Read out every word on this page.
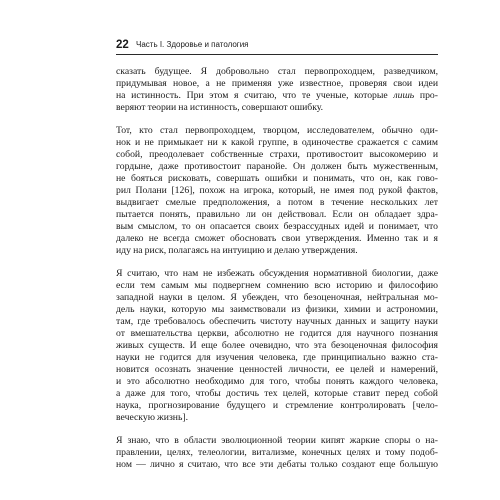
22 Часть I. Здоровье и патология

сказать будущее. Я добровольно стал первопроходцем, разведчиком,
придумывая новое, а не применяя уже известное, проверяя свои идеи
на истинность. При этом я считаю, что те ученые, которые лишь про-
веряют теории на истинность, совершают ошибку.

Тот, кто стал первопроходцем, творцом, исследователем, обычно оди-
нок и не примыкает ни к какой группе, в одиночестве сражается с самим
собой, преодолевает собственные страхи, противостоит высокомерию и
гордыне, даже противостоит паранойе. Он должен быть мужественным,
не бояться рисковать, совершать ошибки и понимать, что он, как гово-
рил Полани [126], похож на игрока, который, не имея под рукой фактов,
выдвигает смелые предположения, а потом в течение нескольких лет
пытается понять, правильно ли он действовал. Если он обладает здра-
вым смыслом, то он опасается своих безрассудных идей и понимает, что
далеко не всегда сможет обосновать свои утверждения. Именно так и я
иду на риск, полагаясь на интуицию и делаю утверждения.

Я считаю, что нам не избежать обсуждения нормативной биологии, даже
если тем самым мы подвергнем сомнению всю историю и философию
западной науки в целом. Я убежден, что безоценочная, нейтральная мо-
дель науки, которую мы заимствовали из физики, химии и астрономии,
там, где требовалось обеспечить чистоту научных данных и защиту науки
от вмешательства церкви, абсолютно не годится для научного познания
живых существ. И еще более очевидно, что эта безоценочная философия
науки не годится для изучения человека, где принципиально важно ста-
новится осознать значение ценностей личности, ее целей и намерений,
и это абсолютно необходимо для того, чтобы понять каждого человека,
а даже для того, чтобы достичь тех целей, которые ставит перед собой
наука, прогнозирование будущего и стремление контролировать [чело-
веческую жизнь].

Я знаю, что в области эволюционной теории кипят жаркие споры о на-
правлении, целях, телеологии, витализме, конечных целях и тому подоб-
ном — лично я считаю, что все эти дебаты только создают еще большую
